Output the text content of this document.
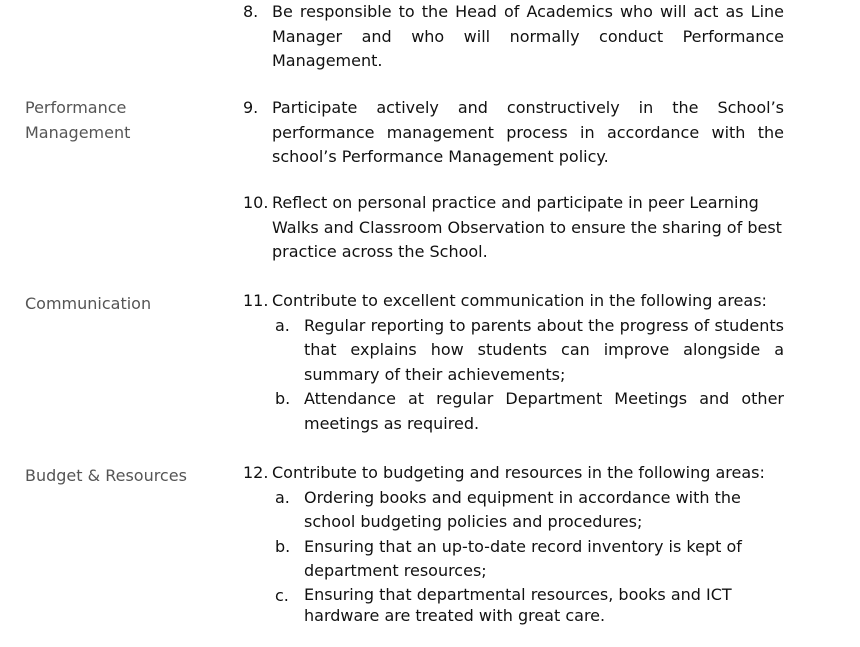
Performance
Management
Communication
Budget & Resources
8. Be responsible to the Head of Academics who will act as Line Manager and who will normally conduct Performance Management.
9. Participate actively and constructively in the School’s performance management process in accordance with the school’s Performance Management policy.
10. Reflect on personal practice and participate in peer Learning Walks and Classroom Observation to ensure the sharing of best practice across the School.
11. Contribute to excellent communication in the following areas:
a. Regular reporting to parents about the progress of students that explains how students can improve alongside a summary of their achievements;
b. Attendance at regular Department Meetings and other meetings as required.
12. Contribute to budgeting and resources in the following areas:
a. Ordering books and equipment in accordance with the school budgeting policies and procedures;
b. Ensuring that an up-to-date record inventory is kept of department resources;
c. Ensuring that departmental resources, books and ICT hardware are treated with great care.
